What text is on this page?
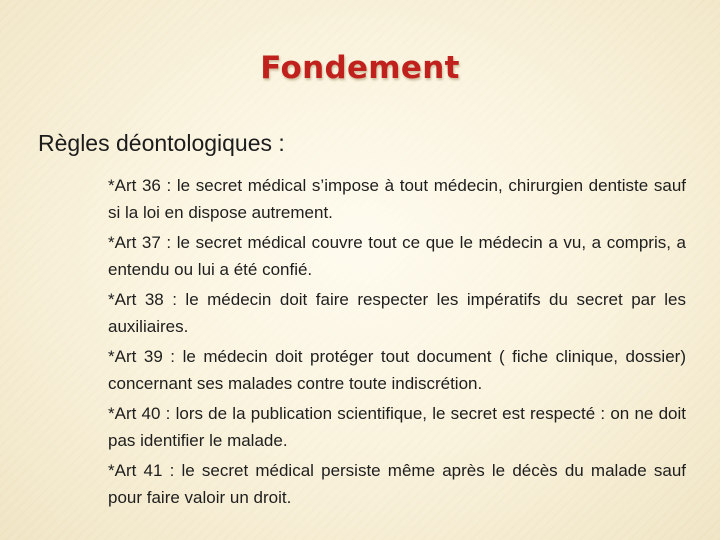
Fondement
Règles déontologiques :

*Art 36 : le secret médical s’impose à tout médecin, chirurgien dentiste sauf si la loi en dispose autrement.

*Art 37 : le secret médical couvre tout ce que le médecin a vu, a compris, a entendu ou lui a été confié.

*Art 38 : le médecin doit faire respecter les impératifs du secret par les auxiliaires.

*Art 39 : le médecin doit protéger tout document ( fiche clinique, dossier) concernant ses malades contre toute indiscrétion.

*Art 40 : lors de la publication scientifique, le secret est respecté : on ne doit pas identifier le malade.

*Art 41 : le secret médical persiste même après le décès du malade sauf pour faire valoir un droit.
